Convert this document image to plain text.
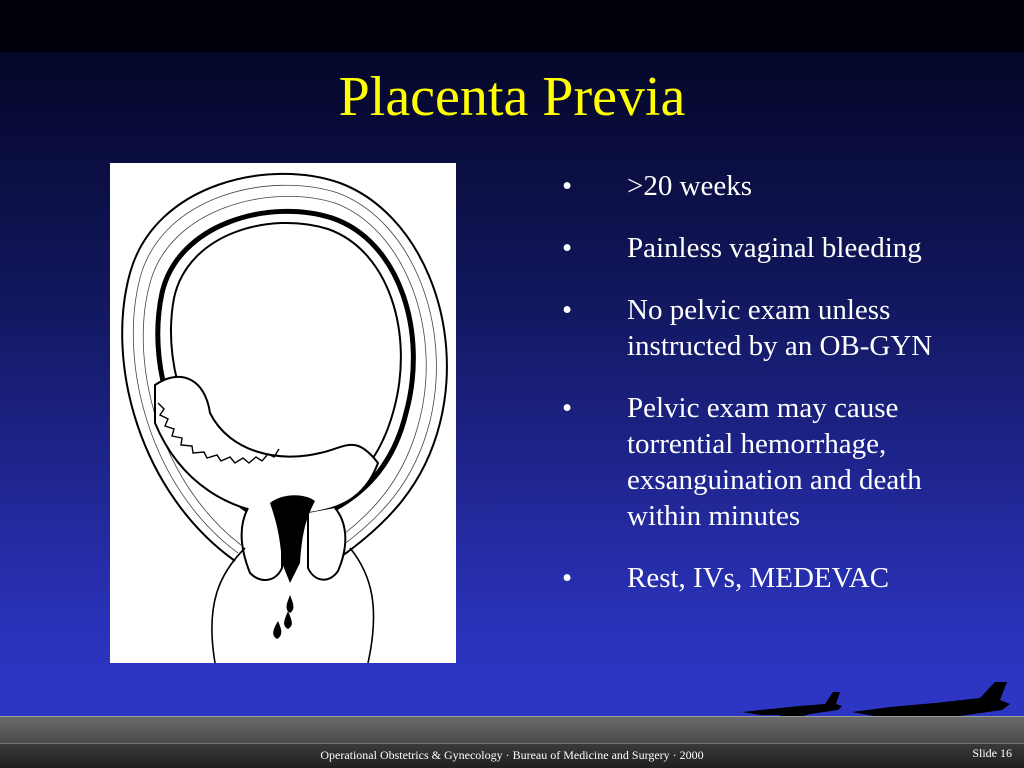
Placenta Previa
• >20 weeks
• Painless vaginal bleeding
• No pelvic exam unless instructed by an OB-GYN
• Pelvic exam may cause torrential hemorrhage, exsanguination and death within minutes
• Rest, IVs, MEDEVAC
Operational Obstetrics & Gynecology · Bureau of Medicine and Surgery · 2000	Slide 16
